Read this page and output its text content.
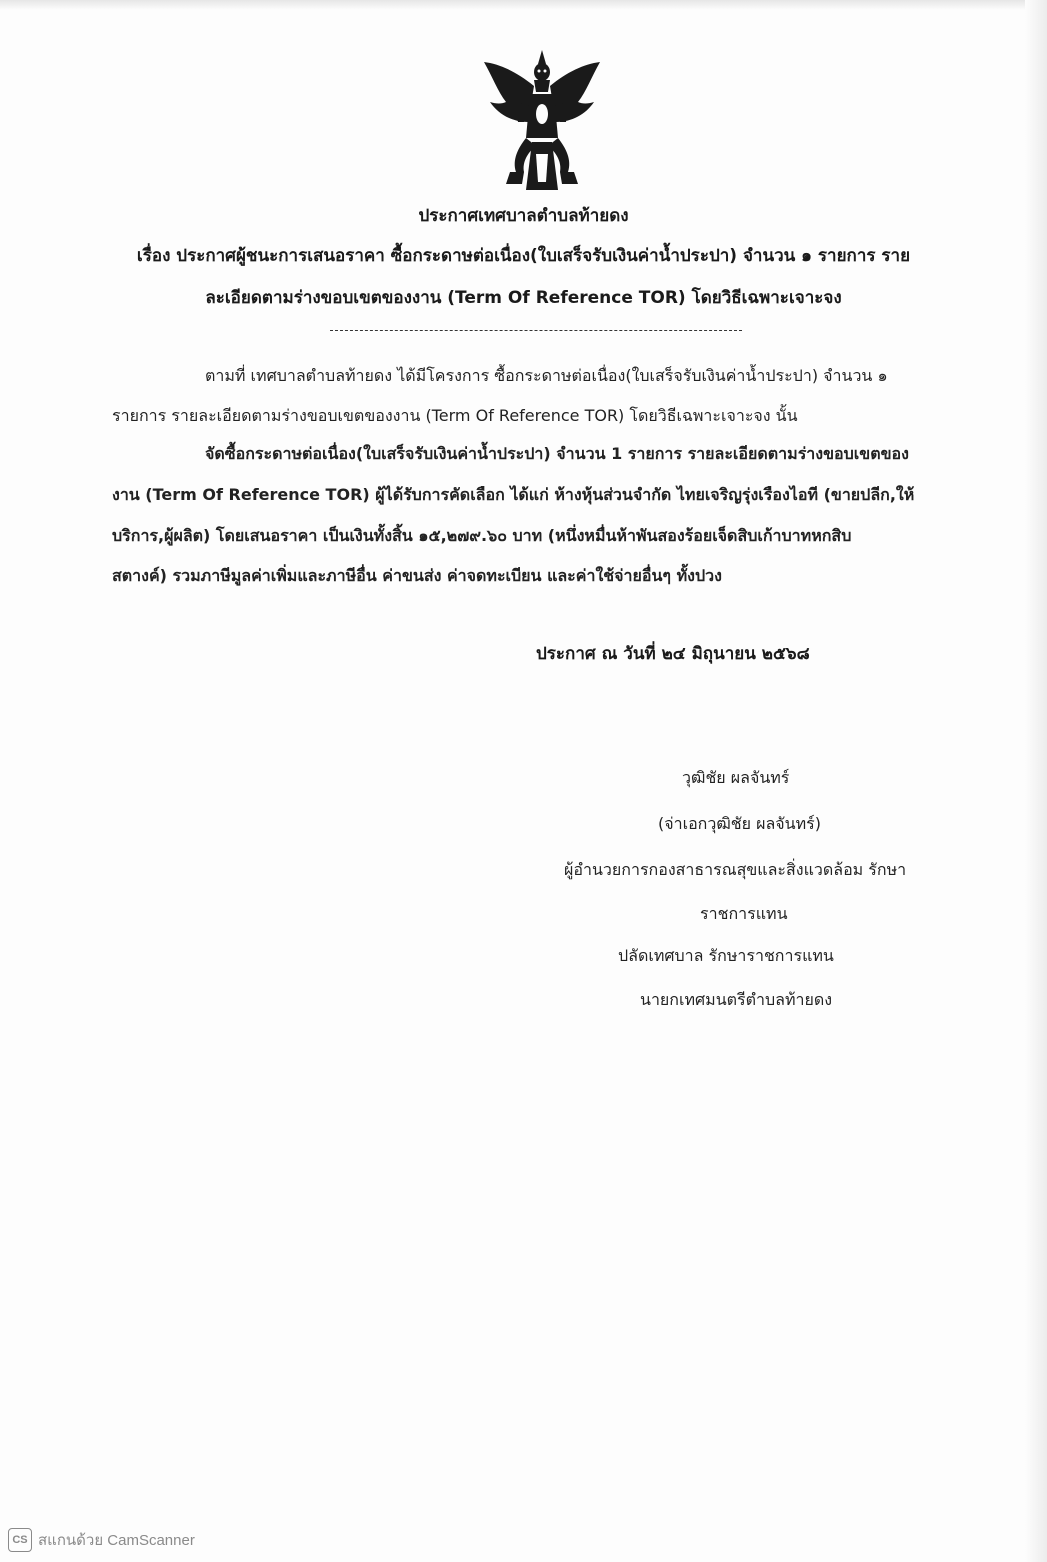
ประกาศเทศบาลตำบลท้ายดง
เรื่อง ประกาศผู้ชนะการเสนอราคา ซื้อกระดาษต่อเนื่อง(ใบเสร็จรับเงินค่าน้ำประปา) จำนวน ๑ รายการ ราย
ละเอียดตามร่างขอบเขตของงาน (Term Of Reference TOR) โดยวิธีเฉพาะเจาะจง
ตามที่ เทศบาลตำบลท้ายดง ได้มีโครงการ ซื้อกระดาษต่อเนื่อง(ใบเสร็จรับเงินค่าน้ำประปา) จำนวน ๑
รายการ รายละเอียดตามร่างขอบเขตของงาน (Term Of Reference TOR) โดยวิธีเฉพาะเจาะจง นั้น
จัดซื้อกระดาษต่อเนื่อง(ใบเสร็จรับเงินค่าน้ำประปา) จำนวน 1 รายการ รายละเอียดตามร่างขอบเขตของ
งาน (Term Of Reference TOR) ผู้ได้รับการคัดเลือก ได้แก่ ห้างหุ้นส่วนจำกัด ไทยเจริญรุ่งเรืองไอที (ขายปลีก,ให้
บริการ,ผู้ผลิต) โดยเสนอราคา เป็นเงินทั้งสิ้น ๑๕,๒๗๙.๖๐ บาท (หนึ่งหมื่นห้าพันสองร้อยเจ็ดสิบเก้าบาทหกสิบ
สตางค์) รวมภาษีมูลค่าเพิ่มและภาษีอื่น ค่าขนส่ง ค่าจดทะเบียน และค่าใช้จ่ายอื่นๆ ทั้งปวง
ประกาศ ณ วันที่ ๒๔ มิถุนายน ๒๕๖๘
วุฒิชัย ผลจันทร์
(จ่าเอกวุฒิชัย ผลจันทร์)
ผู้อำนวยการกองสาธารณสุขและสิ่งแวดล้อม รักษา
ราชการแทน
ปลัดเทศบาล รักษาราชการแทน
นายกเทศมนตรีตำบลท้ายดง
CS สแกนด้วย CamScanner
